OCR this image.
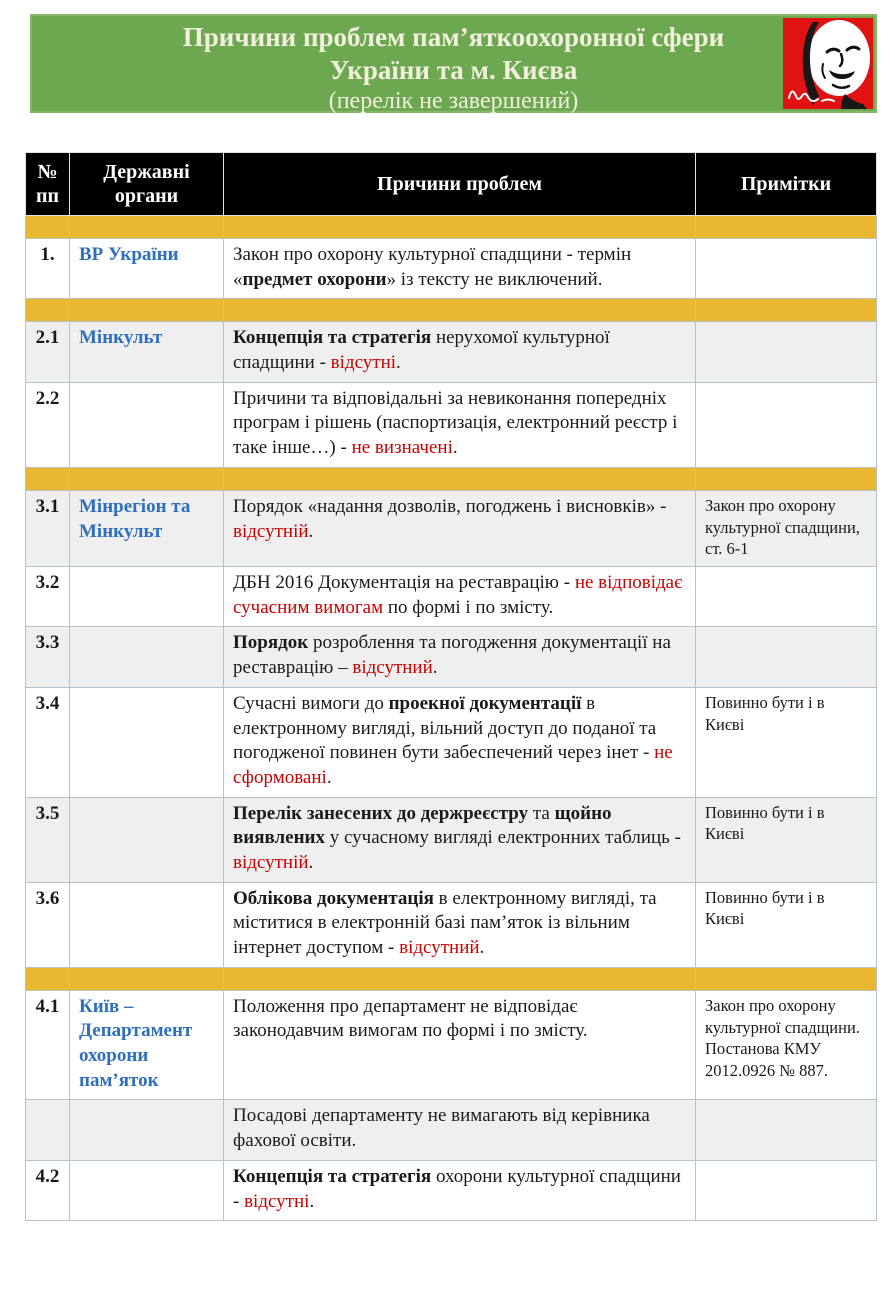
Причини проблем пам’яткоохоронної сфери
України та м. Києва
(перелік не завершений)
№ пп	Державні органи	Причини проблем	Примітки

1.	ВР України	Закон про охорону культурної спадщини - термін «предмет охорони» із тексту не виключений.	

2.1	Мінкульт	Концепція та стратегія нерухомої культурної спадщини - відсутні.	
2.2		Причини та відповідальні за невиконання попередніх програм і рішень (паспортизація, електронний реєстр і таке інше…) - не визначені.	

3.1	Мінрегіон та Мінкульт	Порядок «надання дозволів, погоджень і висновків» - відсутній.	Закон про охорону культурної спадщини, ст. 6-1
3.2		ДБН 2016 Документація на реставрацію - не відповідає сучасним вимогам по формі і по змісту.	
3.3		Порядок розроблення та погодження документації на реставрацію – відсутний.	
3.4		Сучасні вимоги до проекної документації в електронному вигляді, вільний доступ до поданої та погодженої повинен бути забеспечений через інет - не сформовані.	Повинно бути і в Києві
3.5		Перелік занесених до держреєстру та щойно виявлених у сучасному вигляді електронних таблиць - відсутній.	Повинно бути і в Києві
3.6		Облікова документація в електронному вигляді, та міститися в електронній базі пам’яток із вільним інтернет доступом - відсутний.	Повинно бути і в Києві

4.1	Київ – Департамент охорони пам’яток	Положення про департамент не відповідає законодавчим вимогам по формі і по змісту.	Закон про охорону культурної спадщини. Постанова КМУ 2012.0926 № 887.
		Посадові департаменту не вимагають від керівника фахової освіти.	
4.2		Концепція та стратегія охорони культурної спадщини - відсутні.	
